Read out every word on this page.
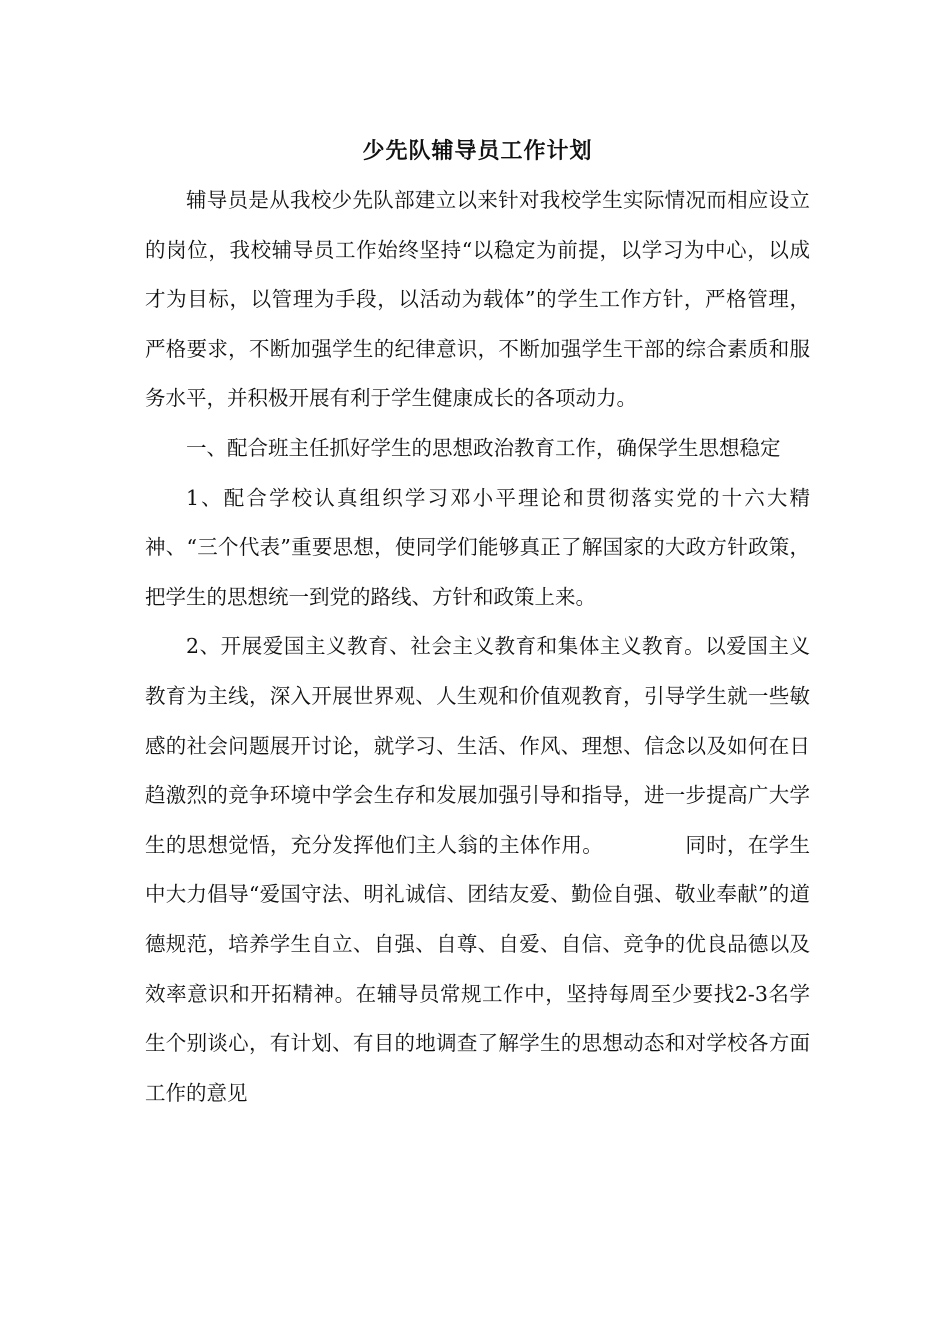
少先队辅导员工作计划

辅导员是从我校少先队部建立以来针对我校学生实际情况而相应设立的岗位，我校辅导员工作始终坚持“以稳定为前提，以学习为中心，以成才为目标，以管理为手段，以活动为载体”的学生工作方针，严格管理，严格要求，不断加强学生的纪律意识，不断加强学生干部的综合素质和服务水平，并积极开展有利于学生健康成长的各项动力。

一、配合班主任抓好学生的思想政治教育工作，确保学生思想稳定

1、配合学校认真组织学习邓小平理论和贯彻落实党的十六大精神、“三个代表”重要思想，使同学们能够真正了解国家的大政方针政策，把学生的思想统一到党的路线、方针和政策上来。

2、开展爱国主义教育、社会主义教育和集体主义教育。以爱国主义教育为主线，深入开展世界观、人生观和价值观教育，引导学生就一些敏感的社会问题展开讨论，就学习、生活、作风、理想、信念以及如何在日趋激烈的竞争环境中学会生存和发展加强引导和指导，进一步提高广大学生的思想觉悟，充分发挥他们主人翁的主体作用。	同时，在学生中大力倡导“爱国守法、明礼诚信、团结友爱、勤俭自强、敬业奉献”的道德规范，培养学生自立、自强、自尊、自爱、自信、竞争的优良品德以及效率意识和开拓精神。在辅导员常规工作中，坚持每周至少要找2-3名学生个别谈心，有计划、有目的地调查了解学生的思想动态和对学校各方面工作的意见
